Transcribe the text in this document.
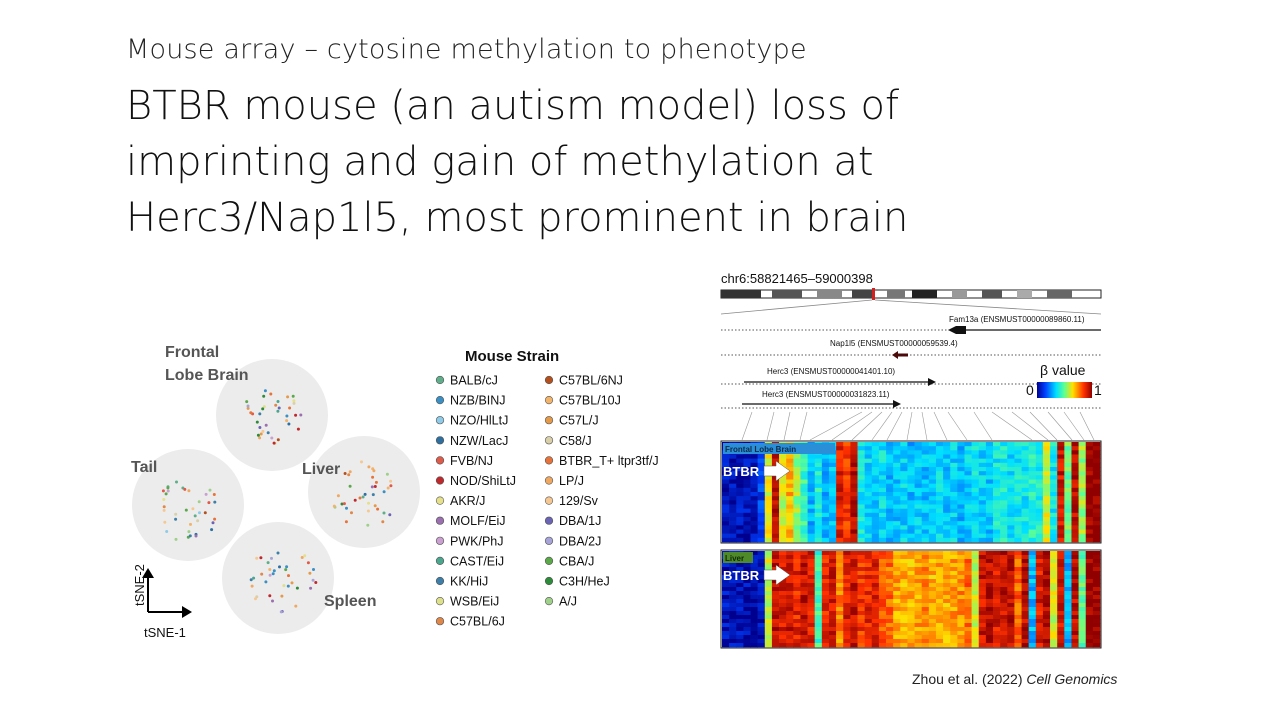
Mouse array – cytosine methylation to phenotype
BTBR mouse (an autism model) loss of
imprinting and gain of methylation at
Herc3/Nap1l5, most prominent in brain
Frontal
Lobe Brain
Tail	Liver
Spleen
tSNE-2
tSNE-1
Mouse Strain
BALB/cJ
NZB/BINJ
NZO/HlLtJ
NZW/LacJ
FVB/NJ
NOD/ShiLtJ
AKR/J
MOLF/EiJ
PWK/PhJ
CAST/EiJ
KK/HiJ
WSB/EiJ
C57BL/6J
C57BL/6NJ
C57BL/10J
C57L/J
C58/J
BTBR_T+ ltpr3tf/J
LP/J
129/Sv
DBA/1J
DBA/2J
CBA/J
C3H/HeJ
A/J
chr6:58821465–59000398
Fam13a (ENSMUST00000089860.11)
Nap1l5 (ENSMUST00000059539.4)
Herc3 (ENSMUST00000041401.10)
Herc3 (ENSMUST00000031823.11)
β value
0	1
Frontal Lobe Brain
BTBR
Liver
BTBR
Zhou et al. (2022) Cell Genomics
